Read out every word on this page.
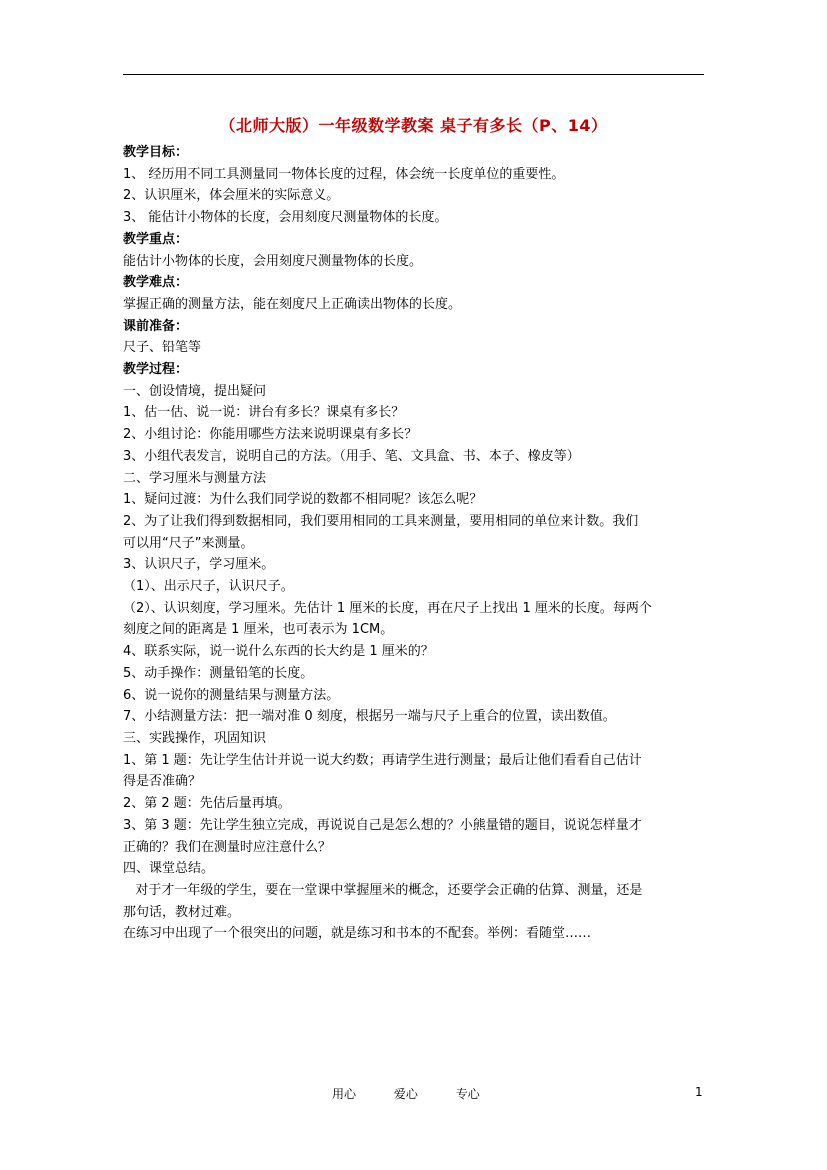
（北师大版）一年级数学教案 桌子有多长（P、14）
教学目标：
1、 经历用不同工具测量同一物体长度的过程，体会统一长度单位的重要性。
2、认识厘米，体会厘米的实际意义。
3、 能估计小物体的长度，会用刻度尺测量物体的长度。
教学重点：
能估计小物体的长度，会用刻度尺测量物体的长度。
教学难点：
掌握正确的测量方法，能在刻度尺上正确读出物体的长度。
课前准备：
尺子、铅笔等
教学过程：
一、创设情境，提出疑问
1、估一估、说一说：讲台有多长？课桌有多长？
2、小组讨论：你能用哪些方法来说明课桌有多长？
3、小组代表发言，说明自己的方法。（用手、笔、文具盒、书、本子、橡皮等）
二、学习厘米与测量方法
1、疑问过渡：为什么我们同学说的数都不相同呢？该怎么呢？
2、为了让我们得到数据相同，我们要用相同的工具来测量，要用相同的单位来计数。我们
可以用“尺子”来测量。
3、认识尺子，学习厘米。
（1）、出示尺子，认识尺子。
（2）、认识刻度，学习厘米。先估计 1 厘米的长度，再在尺子上找出 1 厘米的长度。每两个
刻度之间的距离是 1 厘米，也可表示为 1CM。
4、联系实际，说一说什么东西的长大约是 1 厘米的？
5、动手操作：测量铅笔的长度。
6、说一说你的测量结果与测量方法。
7、小结测量方法：把一端对准 0 刻度，根据另一端与尺子上重合的位置，读出数值。
三、实践操作，巩固知识
1、第 1 题：先让学生估计并说一说大约数；再请学生进行测量；最后让他们看看自己估计
得是否准确？
2、第 2 题：先估后量再填。
3、第 3 题：先让学生独立完成，再说说自己是怎么想的？小熊量错的题目，说说怎样量才
正确的？我们在测量时应注意什么？
四、课堂总结。
对于才一年级的学生，要在一堂课中掌握厘米的概念，还要学会正确的估算、测量，还是
那句话，教材过难。
在练习中出现了一个很突出的问题，就是练习和书本的不配套。举例：看随堂……
用心	爱心	专心	1
